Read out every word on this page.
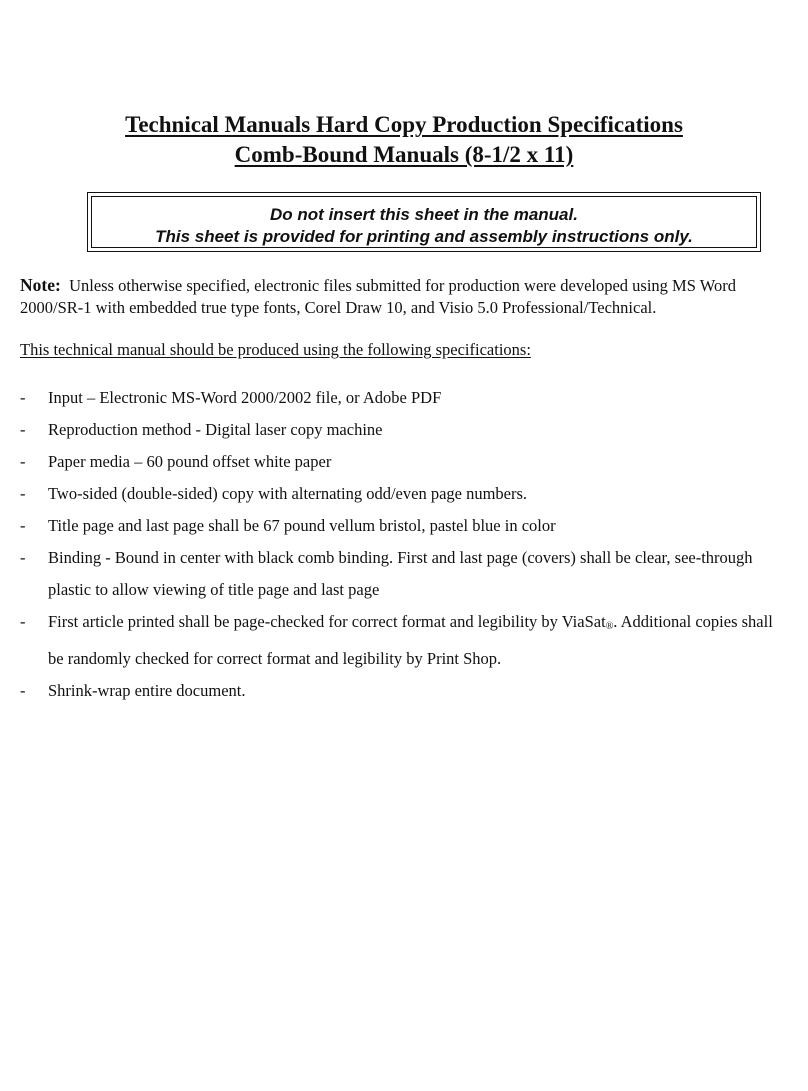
Technical Manuals Hard Copy Production Specifications
Comb-Bound Manuals (8-1/2 x 11)
Do not insert this sheet in the manual.
This sheet is provided for printing and assembly instructions only.
Note: Unless otherwise specified, electronic files submitted for production were developed using MS Word 2000/SR-1 with embedded true type fonts, Corel Draw 10, and Visio 5.0 Professional/Technical.
This technical manual should be produced using the following specifications:
- Input – Electronic MS-Word 2000/2002 file, or Adobe PDF
- Reproduction method - Digital laser copy machine
- Paper media – 60 pound offset white paper
- Two-sided (double-sided) copy with alternating odd/even page numbers.
- Title page and last page shall be 67 pound vellum bristol, pastel blue in color
- Binding - Bound in center with black comb binding. First and last page (covers) shall be clear, see-through plastic to allow viewing of title page and last page
- First article printed shall be page-checked for correct format and legibility by ViaSat®. Additional copies shall be randomly checked for correct format and legibility by Print Shop.
- Shrink-wrap entire document.
